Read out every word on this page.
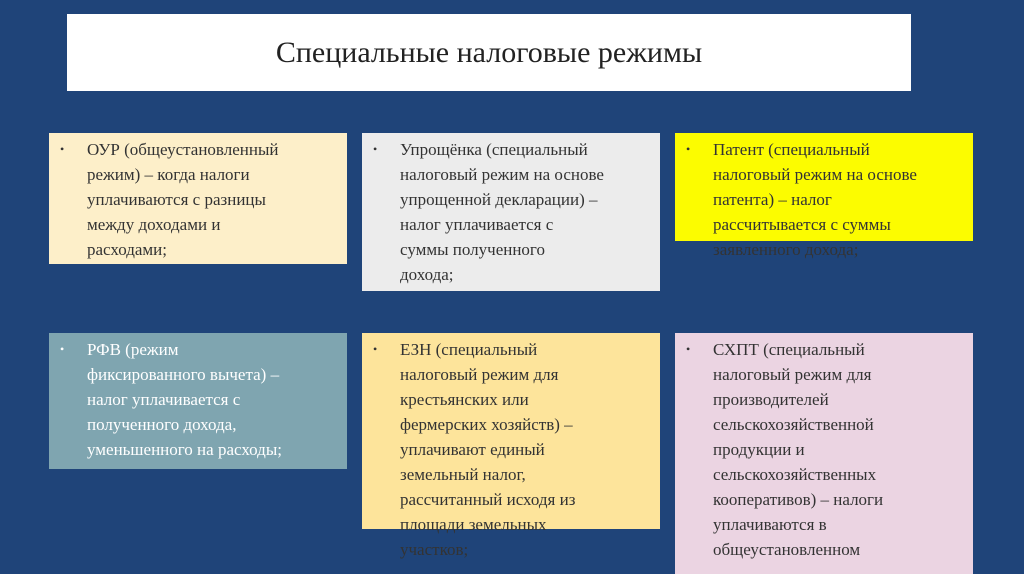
Специальные налоговые режимы
• ОУР (общеустановленный
режим) – когда налоги
уплачиваются с разницы
между доходами и
расходами;
• Упрощёнка (специальный
налоговый режим на основе
упрощенной декларации) –
налог уплачивается с
суммы полученного
дохода;
• Патент (специальный
налоговый режим на основе
патента) – налог
рассчитывается с суммы
заявленного дохода;
• РФВ (режим
фиксированного вычета) –
налог уплачивается с
полученного дохода,
уменьшенного на расходы;
• ЕЗН (специальный
налоговый режим для
крестьянских или
фермерских хозяйств) –
уплачивают единый
земельный налог,
рассчитанный исходя из
площади земельных
участков;
• СХПТ (специальный
налоговый режим для
производителей
сельскохозяйственной
продукции и
сельскохозяйственных
кооперативов) – налоги
уплачиваются в
общеустановленном
